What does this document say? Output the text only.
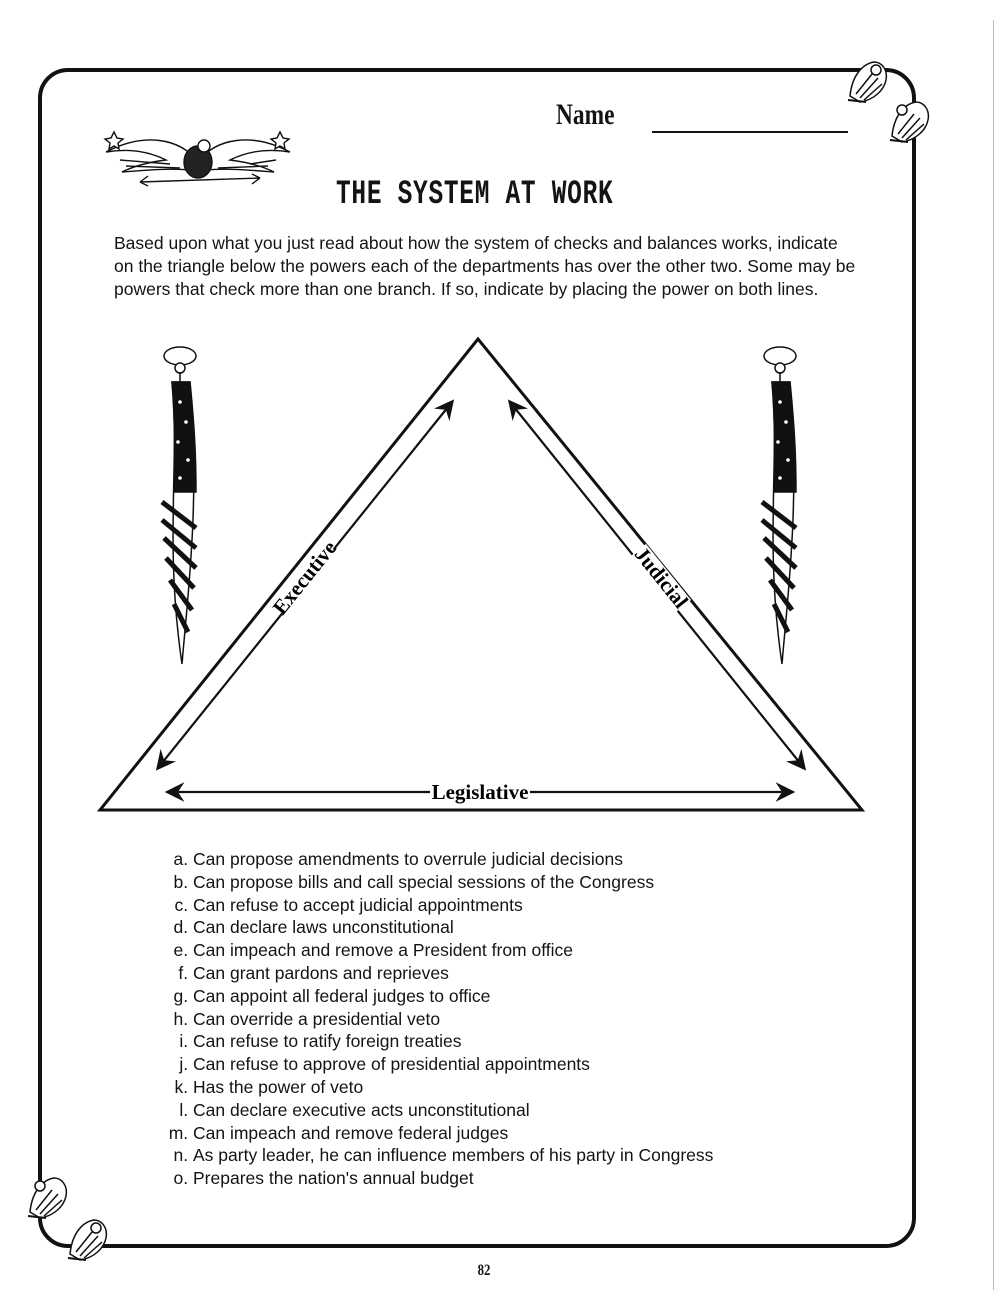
Name
THE SYSTEM AT WORK
Based upon what you just read about how the system of checks and balances works, indicate on the triangle below the powers each of the departments has over the other two. Some may be powers that check more than one branch. If so, indicate by placing the power on both lines.
Executive	Judicial
Legislative
a. Can propose amendments to overrule judicial decisions
b. Can propose bills and call special sessions of the Congress
c. Can refuse to accept judicial appointments
d. Can declare laws unconstitutional
e. Can impeach and remove a President from office
f. Can grant pardons and reprieves
g. Can appoint all federal judges to office
h. Can override a presidential veto
i. Can refuse to ratify foreign treaties
j. Can refuse to approve of presidential appointments
k. Has the power of veto
l. Can declare executive acts unconstitutional
m. Can impeach and remove federal judges
n. As party leader, he can influence members of his party in Congress
o. Prepares the nation's annual budget
82
